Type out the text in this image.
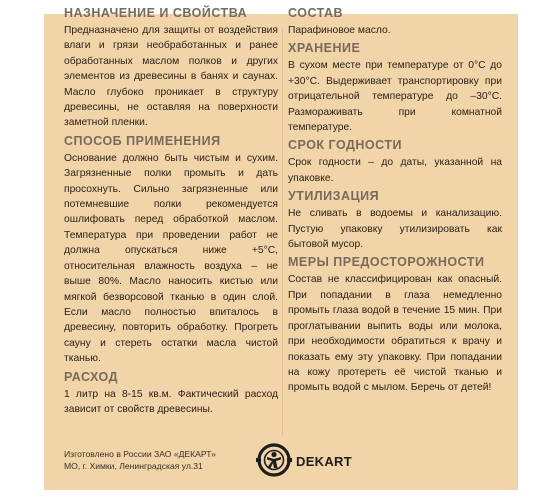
НАЗНАЧЕНИЕ И СВОЙСТВА
Предназначено для защиты от воздействия влаги и грязи необработанных и ранее обработанных маслом полков и других элементов из древесины в банях и саунах. Масло глубоко проникает в структуру древесины, не оставляя на поверхности заметной пленки.
СПОСОБ ПРИМЕНЕНИЯ
Основание должно быть чистым и сухим. Загрязненные полки промыть и дать просохнуть. Сильно загрязненные или потемневшие полки рекомендуется ошлифовать перед обработкой маслом. Температура при проведении работ не должна опускаться ниже +5°С, относительная влажность воздуха – не выше 80%. Масло наносить кистью или мягкой безворсовой тканью в один слой. Если масло полностью впиталось в древесину, повторить обработку. Прогреть сауну и стереть остатки масла чистой тканью.
РАСХОД
1 литр на 8-15 кв.м. Фактический расход зависит от свойств древесины.
СОСТАВ
Парафиновое масло.
ХРАНЕНИЕ
В сухом месте при температуре от 0°С до +30°С. Выдерживает транспортировку при отрицательной температуре до –30°С. Размораживать при комнатной температуре.
СРОК ГОДНОСТИ
Срок годности – до даты, указанной на упаковке.
УТИЛИЗАЦИЯ
Не сливать в водоемы и канализацию. Пустую упаковку утилизировать как бытовой мусор.
МЕРЫ ПРЕДОСТОРОЖНОСТИ
Состав не классифицирован как опасный. При попадании в глаза немедленно промыть глаза водой в течение 15 мин. При проглатывании выпить воды или молока, при необходимости обратиться к врачу и показать ему эту упаковку. При попадании на кожу протереть её чистой тканью и промыть водой с мылом. Беречь от детей!
Изготовлено в России ЗАО «ДЕКАРТ»
МО, г. Химки, Ленинградская ул.31	DEKART
